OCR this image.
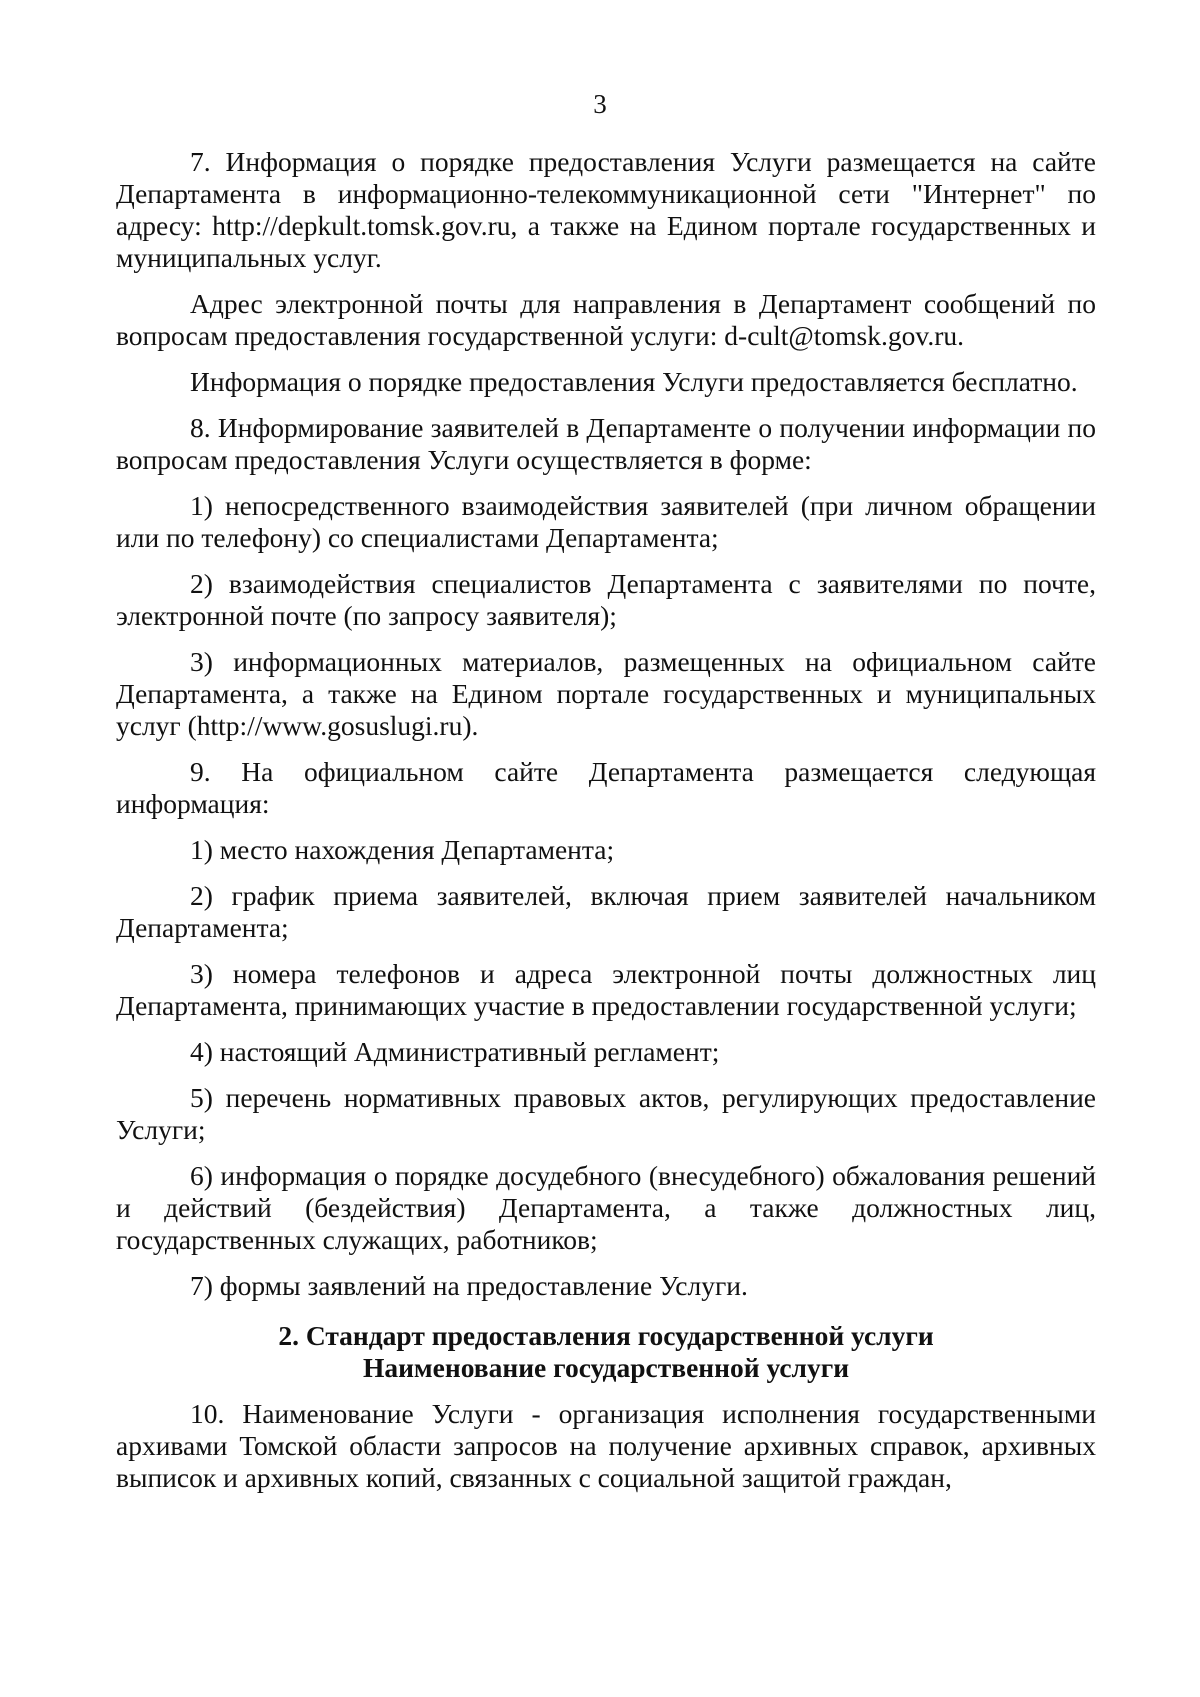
3

7. Информация о порядке предоставления Услуги размещается на сайте Департамента в информационно-телекоммуникационной сети "Интернет" по адресу: http://depkult.tomsk.gov.ru, а также на Едином портале государственных и муниципальных услуг.

Адрес электронной почты для направления в Департамент сообщений по вопросам предоставления государственной услуги: d-cult@tomsk.gov.ru.

Информация о порядке предоставления Услуги предоставляется бесплатно.

8. Информирование заявителей в Департаменте о получении информации по вопросам предоставления Услуги осуществляется в форме:

1) непосредственного взаимодействия заявителей (при личном обращении или по телефону) со специалистами Департамента;

2) взаимодействия специалистов Департамента с заявителями по почте, электронной почте (по запросу заявителя);

3) информационных материалов, размещенных на официальном сайте Департамента, а также на Едином портале государственных и муниципальных услуг (http://www.gosuslugi.ru).

9. На официальном сайте Департамента размещается следующая информация:

1) место нахождения Департамента;

2) график приема заявителей, включая прием заявителей начальником Департамента;

3) номера телефонов и адреса электронной почты должностных лиц Департамента, принимающих участие в предоставлении государственной услуги;

4) настоящий Административный регламент;

5) перечень нормативных правовых актов, регулирующих предоставление Услуги;

6) информация о порядке досудебного (внесудебного) обжалования решений и действий (бездействия) Департамента, а также должностных лиц, государственных служащих, работников;

7) формы заявлений на предоставление Услуги.

2. Стандарт предоставления государственной услуги
Наименование государственной услуги

10. Наименование Услуги - организация исполнения государственными архивами Томской области запросов на получение архивных справок, архивных выписок и архивных копий, связанных с социальной защитой граждан,
